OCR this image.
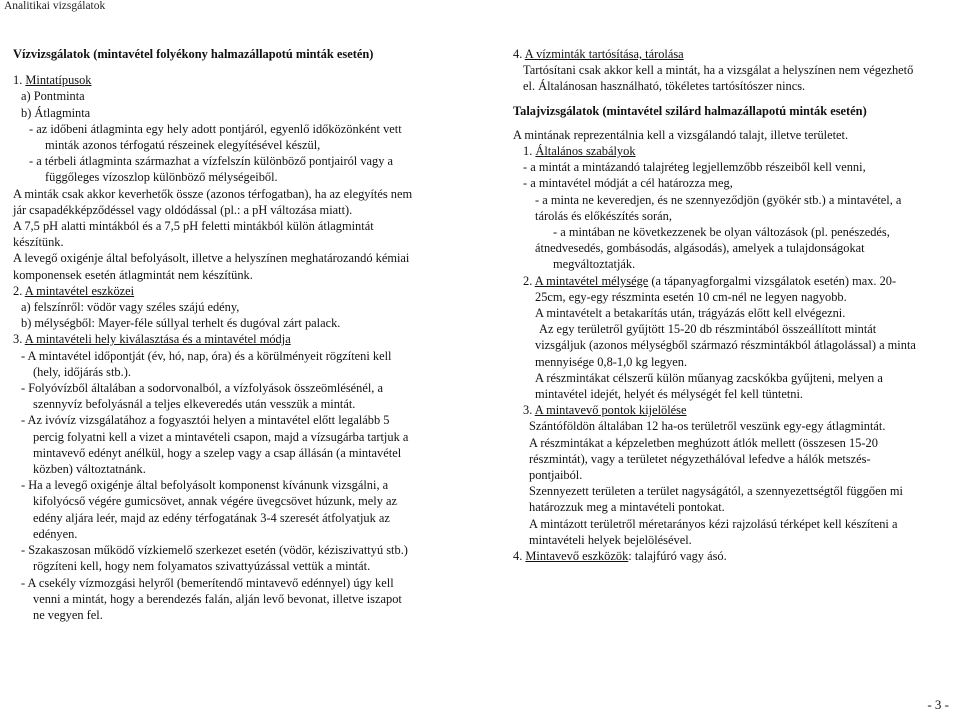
Analitikai vizsgálatok
Vízvizsgálatok (mintavétel folyékony halmazállapotú minták esetén)
1. Mintatípusok
a) Pontminta
b) Átlagminta
- az időbeni átlagminta egy hely adott pontjáról, egyenlő időközönként vett
minták azonos térfogatú részeinek elegyítésével készül,
- a térbeli átlagminta származhat a vízfelszín különböző pontjairól vagy a
függőleges vízoszlop különböző mélységeiből.
A minták csak akkor keverhetők össze (azonos térfogatban), ha az elegyítés nem
jár csapadékképződéssel vagy oldódással (pl.: a pH változása miatt).
A 7,5 pH alatti mintákból és a 7,5 pH feletti mintákból külön átlagmintát
készítünk.
A levegő oxigénje által befolyásolt, illetve a helyszínen meghatározandó kémiai
komponensek esetén átlagmintát nem készítünk.
2. A mintavétel eszközei
a) felszínről: vödör vagy széles szájú edény,
b) mélységből: Mayer-féle súllyal terhelt és dugóval zárt palack.
3. A mintavételi hely kiválasztása és a mintavétel módja
- A mintavétel időpontját (év, hó, nap, óra) és a körülményeit rögzíteni kell
(hely, időjárás stb.).
- Folyóvízből általában a sodorvonalból, a vízfolyások összeömlésénél, a
szennyvíz befolyásnál a teljes elkeveredés után vesszük a mintát.
- Az ivóvíz vizsgálatához a fogyasztói helyen a mintavétel előtt legalább 5
percig folyatni kell a vizet a mintavételi csapon, majd a vízsugárba tartjuk a
mintavevő edényt anélkül, hogy a szelep vagy a csap állásán (a mintavétel
közben) változtatnánk.
- Ha a levegő oxigénje által befolyásolt komponenst kívánunk vizsgálni, a
kifolyócső végére gumicsövet, annak végére üvegcsövet húzunk, mely az
edény aljára leér, majd az edény térfogatának 3-4 szeresét átfolyatjuk az
edényen.
- Szakaszosan működő vízkiemelő szerkezet esetén (vödör, kéziszivattyú stb.)
rögzíteni kell, hogy nem folyamatos szivattyúzással vettük a mintát.
- A csekély vízmozgási helyről (bemerítendő mintavevő edénnyel) úgy kell
venni a mintát, hogy a berendezés falán, alján levő bevonat, illetve iszapot
ne vegyen fel.
4. A vízminták tartósítása, tárolása
Tartósítani csak akkor kell a mintát, ha a vizsgálat a helyszínen nem végezhető
el. Általánosan használható, tökéletes tartósítószer nincs.
Talajvizsgálatok (mintavétel szilárd halmazállapotú minták esetén)
A mintának reprezentálnia kell a vizsgálandó talajt, illetve területet.
1. Általános szabályok
- a mintát a mintázandó talajréteg legjellemzőbb részeiből kell venni,
- a mintavétel módját a cél határozza meg,
- a minta ne keveredjen, és ne szennyeződjön (gyökér stb.) a mintavétel, a
tárolás és előkészítés során,
- a mintában ne következzenek be olyan változások (pl. penészedés,
átnedvesedés, gombásodás, algásodás), amelyek a tulajdonságokat
megváltoztatják.
2. A mintavétel mélysége (a tápanyagforgalmi vizsgálatok esetén) max. 20-
25cm, egy-egy részminta esetén 10 cm-nél ne legyen nagyobb.
A mintavételt a betakarítás után, trágyázás előtt kell elvégezni.
Az egy területről gyűjtött 15-20 db részmintából összeállított mintát
vizsgáljuk (azonos mélységből származó részmintákból átlagolással) a minta
mennyisége 0,8-1,0 kg legyen.
A részmintákat célszerű külön műanyag zacskókba gyűjteni, melyen a
mintavétel idejét, helyét és mélységét fel kell tüntetni.
3. A mintavevő pontok kijelölése
Szántóföldön általában 12 ha-os területről veszünk egy-egy átlagmintát.
A részmintákat a képzeletben meghúzott átlók mellett (összesen 15-20
részmintát), vagy a területet négyzethálóval lefedve a hálók metszés-
pontjaiból.
Szennyezett területen a terület nagyságától, a szennyezettségtől függően mi
határozzuk meg a mintavételi pontokat.
A mintázott területről méretarányos kézi rajzolású térképet kell készíteni a
mintavételi helyek bejelölésével.
4. Mintavevő eszközök: talajfúró vagy ásó.
- 3 -
